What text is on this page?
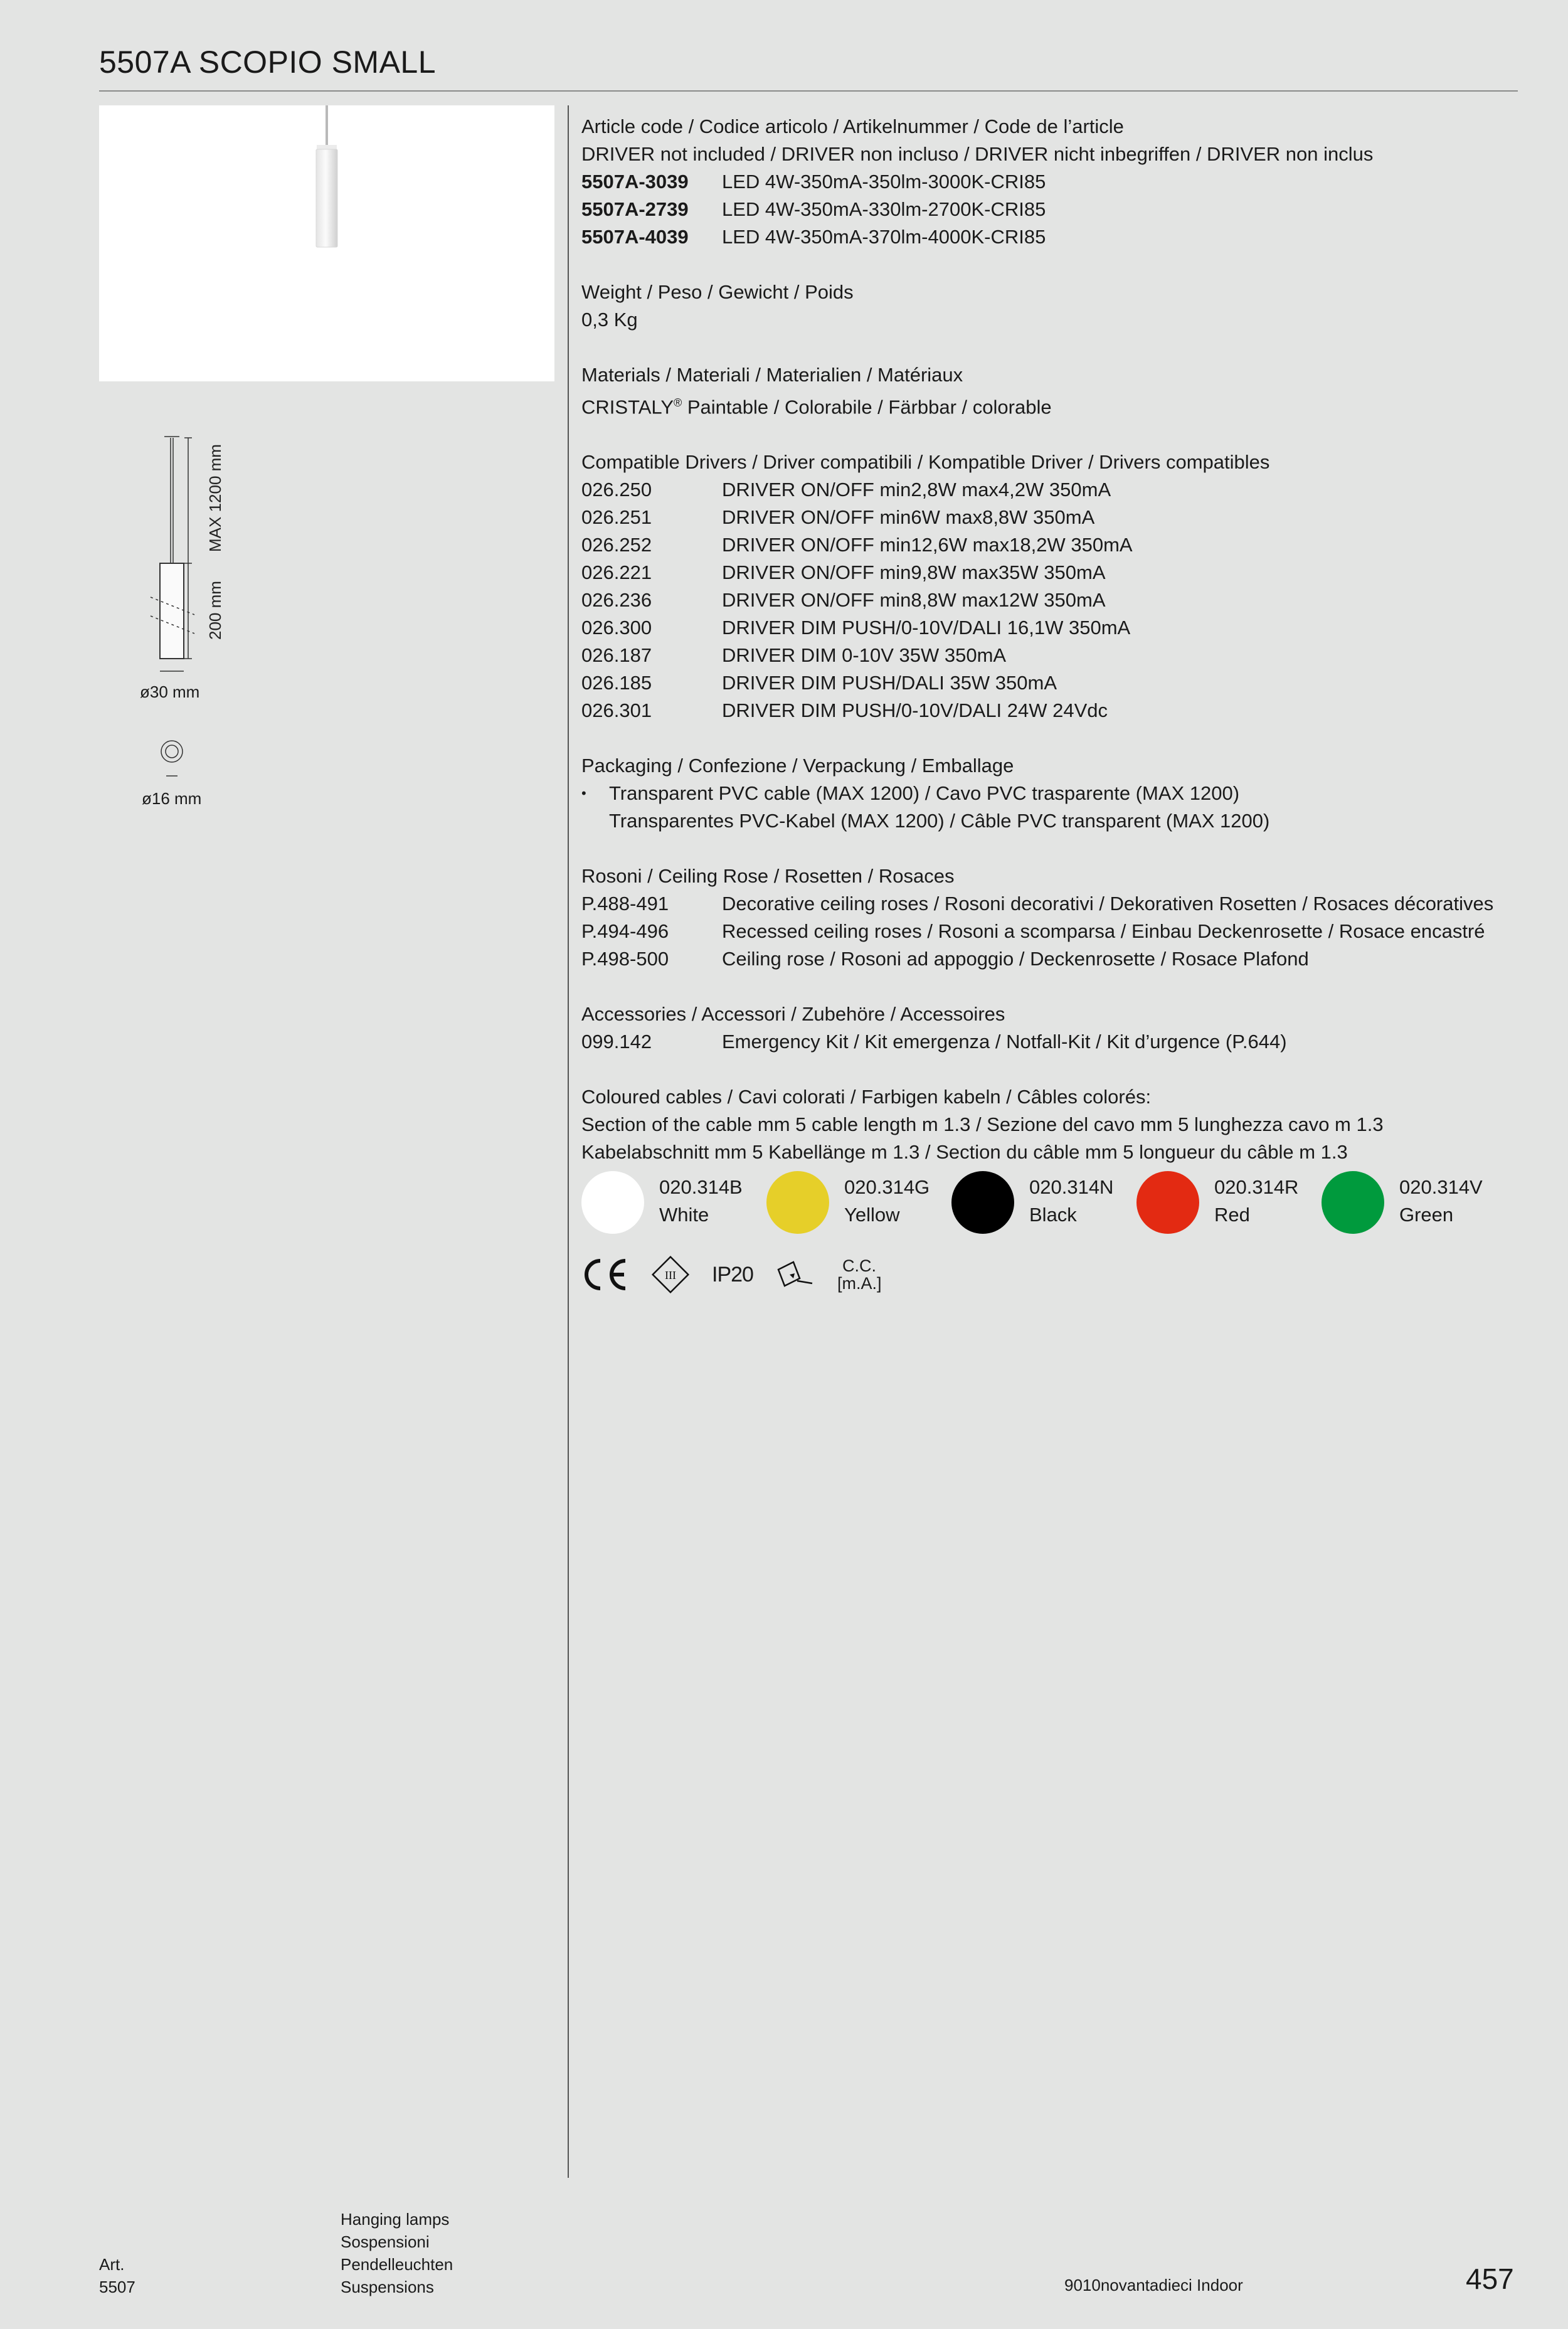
5507A SCOPIO SMALL
MAX 1200 mm
200 mm
ø30 mm
ø16 mm
Article code / Codice articolo / Artikelnummer / Code de l’article
DRIVER not included / DRIVER non incluso / DRIVER nicht inbegriffen / DRIVER non inclus
5507A-3039	LED 4W-350mA-350lm-3000K-CRI85
5507A-2739	LED 4W-350mA-330lm-2700K-CRI85
5507A-4039	LED 4W-350mA-370lm-4000K-CRI85
Weight / Peso / Gewicht / Poids
0,3 Kg
Materials / Materiali / Materialien / Matériaux
CRISTALY® Paintable / Colorabile / Färbbar / colorable
Compatible Drivers / Driver compatibili / Kompatible Driver / Drivers compatibles
026.250	DRIVER ON/OFF min2,8W max4,2W 350mA
026.251	DRIVER ON/OFF min6W max8,8W 350mA
026.252	DRIVER ON/OFF min12,6W max18,2W 350mA
026.221	DRIVER ON/OFF min9,8W max35W 350mA
026.236	DRIVER ON/OFF min8,8W max12W 350mA
026.300	DRIVER DIM PUSH/0-10V/DALI 16,1W 350mA
026.187	DRIVER DIM 0-10V 35W 350mA
026.185	DRIVER DIM PUSH/DALI 35W 350mA
026.301	DRIVER DIM PUSH/0-10V/DALI 24W 24Vdc
Packaging / Confezione / Verpackung / Emballage
•	Transparent PVC cable (MAX 1200) / Cavo PVC trasparente (MAX 1200)
Transparentes PVC-Kabel (MAX 1200) / Câble PVC transparent (MAX 1200)
Rosoni / Ceiling Rose / Rosetten / Rosaces
P.488-491	Decorative ceiling roses / Rosoni decorativi / Dekorativen Rosetten / Rosaces décoratives
P.494-496	Recessed ceiling roses / Rosoni a scomparsa / Einbau Deckenrosette / Rosace encastré
P.498-500	Ceiling rose / Rosoni ad appoggio / Deckenrosette / Rosace Plafond
Accessories / Accessori / Zubehöre / Accessoires
099.142	Emergency Kit / Kit emergenza / Notfall-Kit / Kit d’urgence (P.644)
Coloured cables / Cavi colorati / Farbigen kabeln / Câbles colorés:
Section of the cable mm 5 cable length m 1.3 / Sezione del cavo mm 5 lunghezza cavo m 1.3
Kabelabschnitt mm 5 Kabellänge m 1.3 / Section du câble mm 5 longueur du câble m 1.3
020.314B
White
020.314G
Yellow
020.314N
Black
020.314R
Red
020.314V
Green
III IP20	C.C.
[m.A.]
Art.
5507
Hanging lamps
Sospensioni
Pendelleuchten
Suspensions	9010novantadieci Indoor	457
